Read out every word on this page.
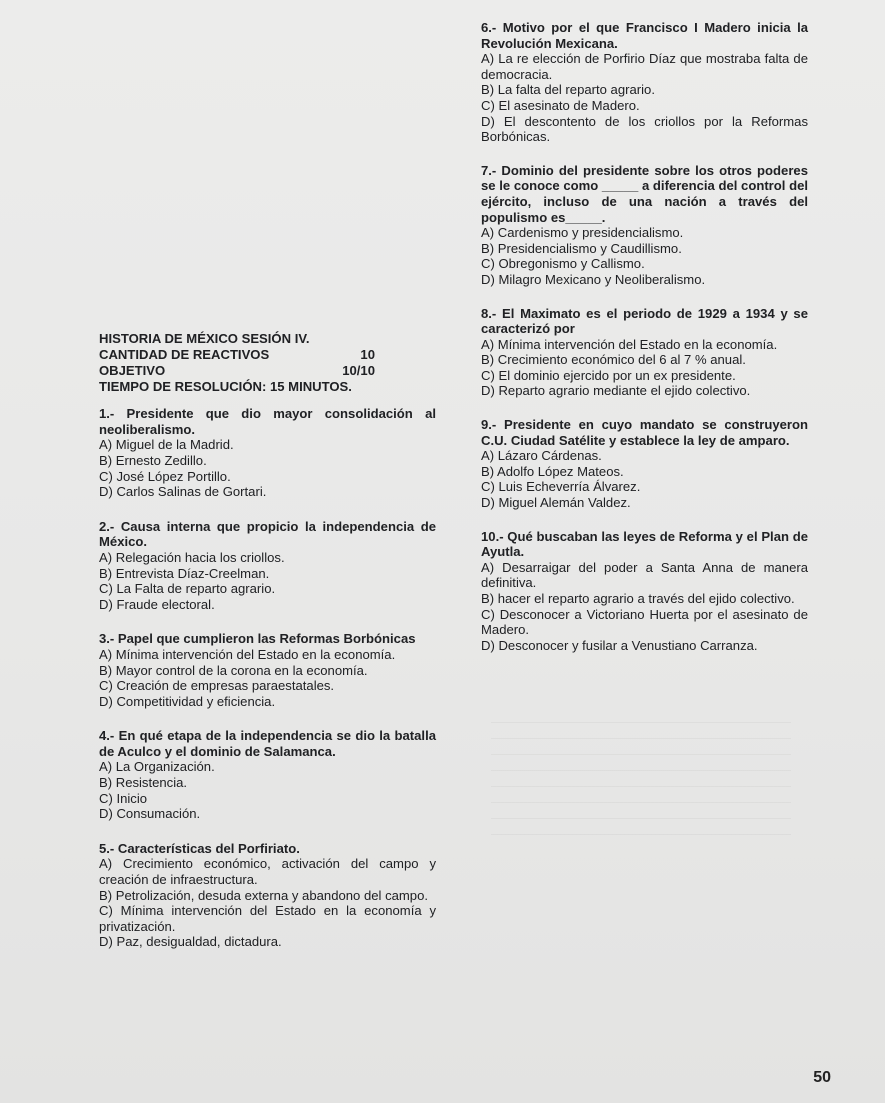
6.- Motivo por el que Francisco I Madero inicia la Revolución Mexicana.
A) La re elección de Porfirio Díaz que mostraba falta de democracia.
B) La falta del reparto agrario.
C) El asesinato de Madero.
D) El descontento de los criollos por la Reformas Borbónicas.
7.- Dominio del presidente sobre los otros poderes se le conoce como _____ a diferencia del control del ejército, incluso de una nación a través del populismo es_____.
A) Cardenismo y presidencialismo.
B) Presidencialismo y Caudillismo.
C) Obregonismo y Callismo.
D) Milagro Mexicano y Neoliberalismo.
8.- El Maximato es el periodo de 1929 a 1934 y se caracterizó por
A) Mínima intervención del Estado en la economía.
B) Crecimiento económico del 6 al 7 % anual.
C) El dominio ejercido por un ex presidente.
D) Reparto agrario mediante el ejido colectivo.
9.- Presidente en cuyo mandato se construyeron C.U. Ciudad Satélite y establece la ley de amparo.
A) Lázaro Cárdenas.
B) Adolfo López Mateos.
C) Luis Echeverría Álvarez.
D) Miguel Alemán Valdez.
10.- Qué buscaban las leyes de Reforma y el Plan de Ayutla.
A) Desarraigar del poder a Santa Anna de manera definitiva.
B) hacer el reparto agrario a través del ejido colectivo.
C) Desconocer a Victoriano Huerta por el asesinato de Madero.
D) Desconocer y fusilar a Venustiano Carranza.
HISTORIA DE MÉXICO SESIÓN IV.
CANTIDAD DE REACTIVOS	10
OBJETIVO	10/10
TIEMPO DE RESOLUCIÓN: 15 MINUTOS.
1.- Presidente que dio mayor consolidación al neoliberalismo.
A) Miguel de la Madrid.
B) Ernesto Zedillo.
C) José López Portillo.
D) Carlos Salinas de Gortari.
2.- Causa interna que propicio la independencia de México.
A) Relegación hacia los criollos.
B) Entrevista Díaz-Creelman.
C) La Falta de reparto agrario.
D) Fraude electoral.
3.- Papel que cumplieron las Reformas Borbónicas
A) Mínima intervención del Estado en la economía.
B) Mayor control de la corona en la economía.
C) Creación de empresas paraestatales.
D) Competitividad y eficiencia.
4.- En qué etapa de la independencia se dio la batalla de Aculco y el dominio de Salamanca.
A) La Organización.
B) Resistencia.
C) Inicio
D) Consumación.
5.- Características del Porfiriato.
A) Crecimiento económico, activación del campo y creación de infraestructura.
B) Petrolización, desuda externa y abandono del campo.
C) Mínima intervención del Estado en la economía y privatización.
D) Paz, desigualdad, dictadura.
50
